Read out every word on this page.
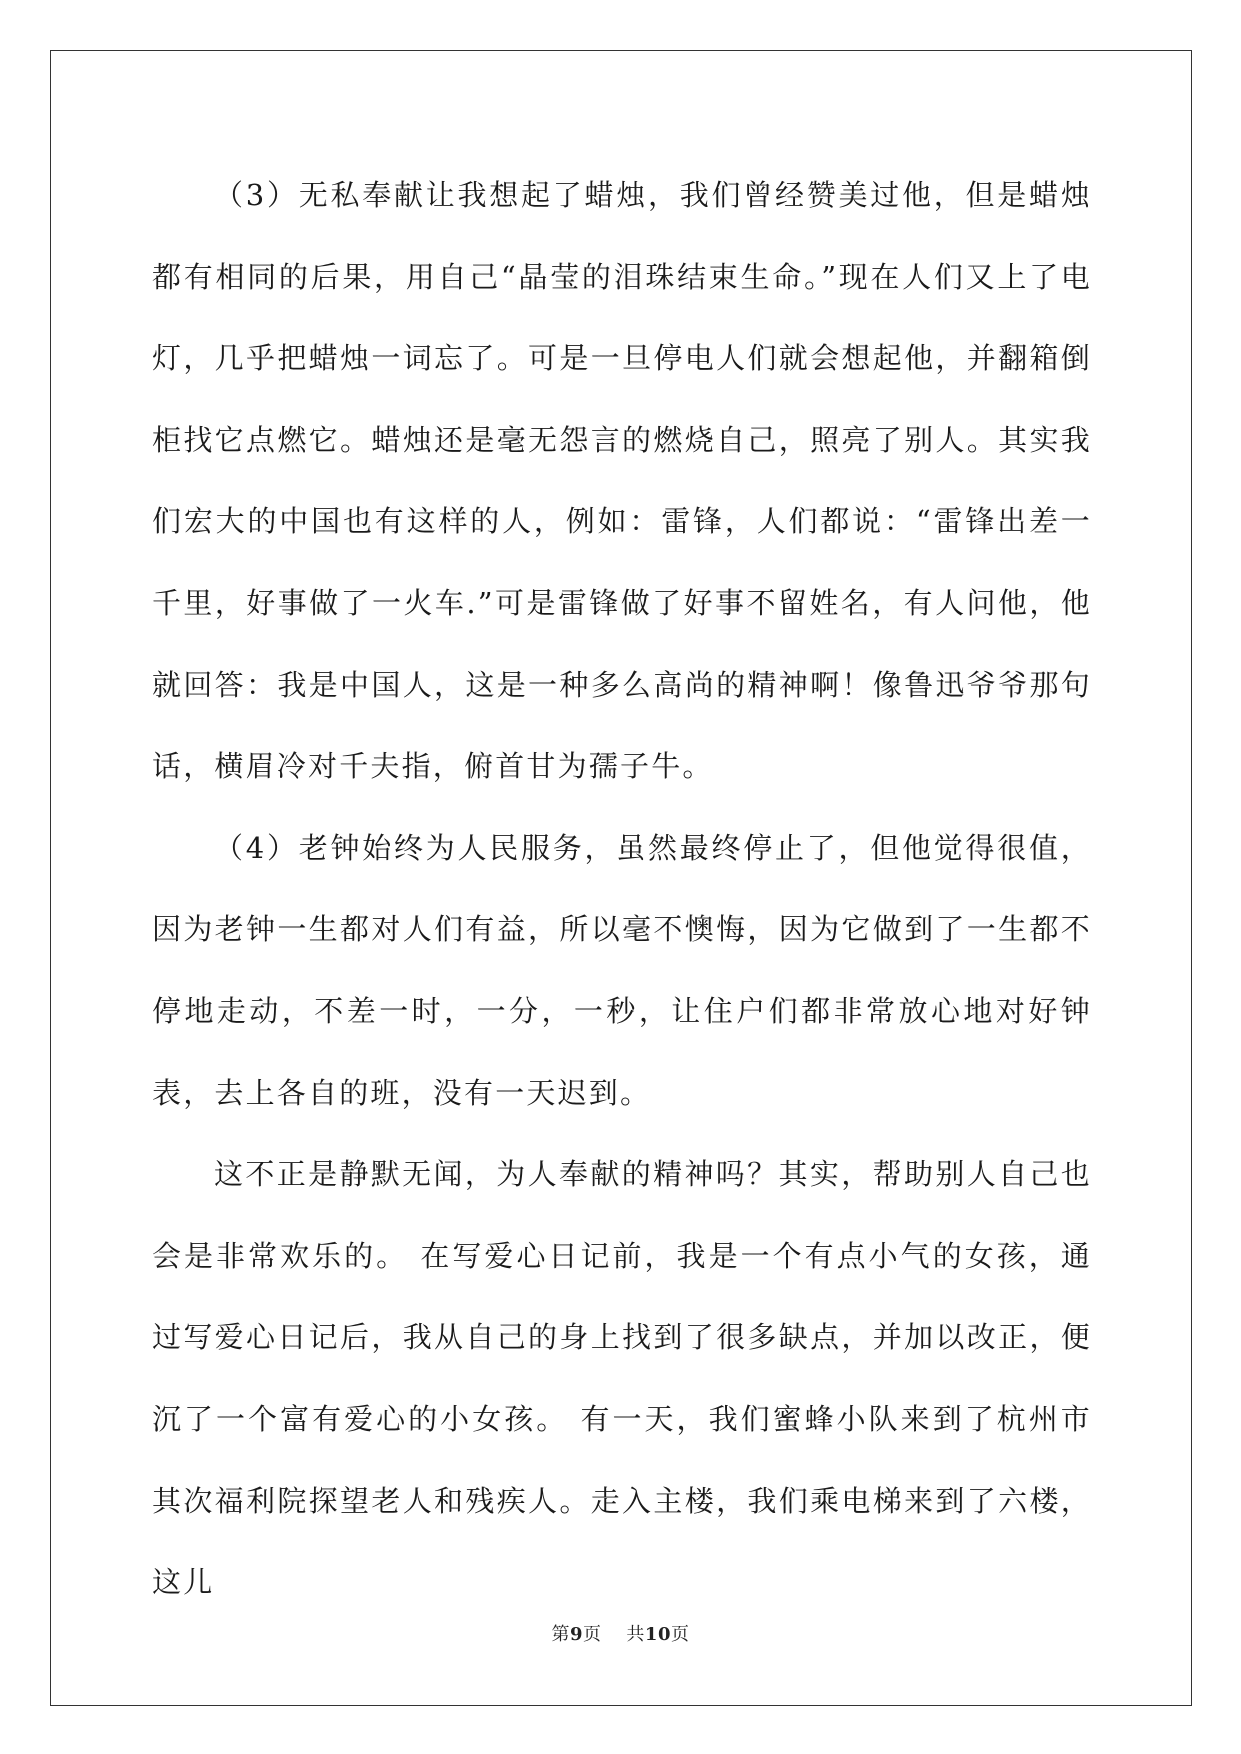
（3）无私奉献让我想起了蜡烛，我们曾经赞美过他，但是蜡烛都有相同的后果，用自己“晶莹的泪珠结束生命。”现在人们又上了电灯，几乎把蜡烛一词忘了。可是一旦停电人们就会想起他，并翻箱倒柜找它点燃它。蜡烛还是毫无怨言的燃烧自己，照亮了别人。其实我们宏大的中国也有这样的人，例如：雷锋，人们都说：“雷锋出差一千里，好事做了一火车.”可是雷锋做了好事不留姓名，有人问他，他就回答：我是中国人，这是一种多么高尚的精神啊！像鲁迅爷爷那句话，横眉冷对千夫指，俯首甘为孺子牛。

（4）老钟始终为人民服务，虽然最终停止了，但他觉得很值，因为老钟一生都对人们有益，所以毫不懊悔，因为它做到了一生都不停地走动，不差一时，一分，一秒，让住户们都非常放心地对好钟表，去上各自的班，没有一天迟到。

这不正是静默无闻，为人奉献的精神吗？其实，帮助别人自己也会是非常欢乐的。 在写爱心日记前，我是一个有点小气的女孩，通过写爱心日记后，我从自己的身上找到了很多缺点，并加以改正，便沉了一个富有爱心的小女孩。 有一天，我们蜜蜂小队来到了杭州市其次福利院探望老人和残疾人。走入主楼，我们乘电梯来到了六楼，这儿

第9页 共10页
